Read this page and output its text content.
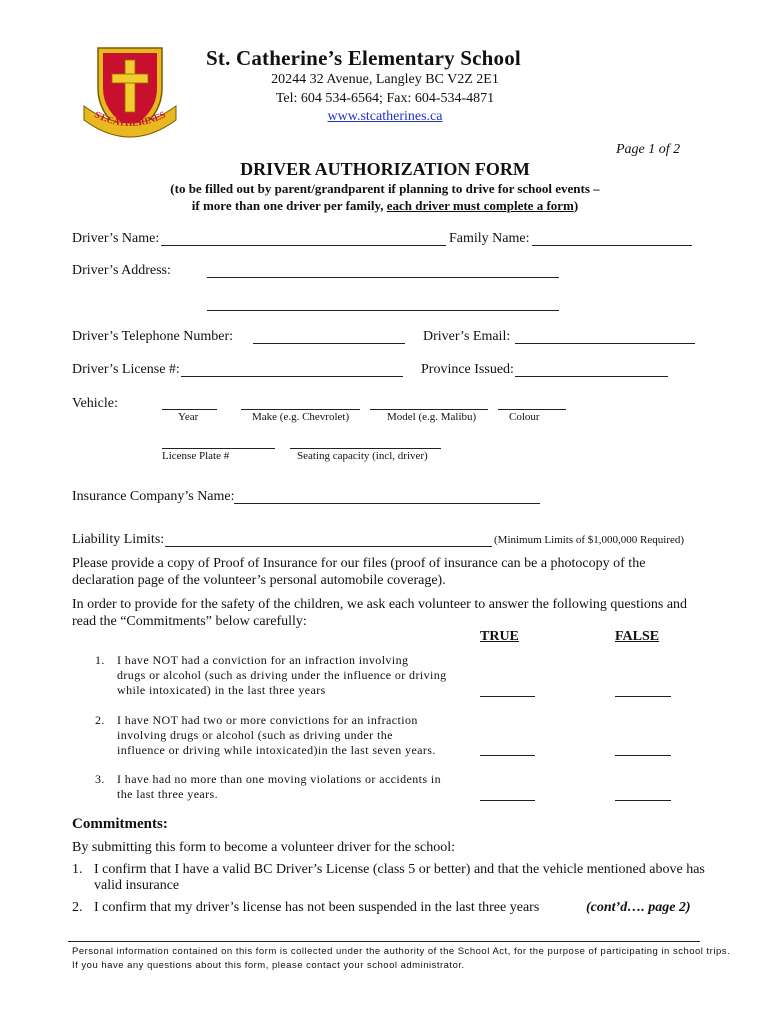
ST.CATHERINES
St. Catherine’s Elementary School
20244 32 Avenue, Langley BC V2Z 2E1
Tel: 604 534-6564; Fax: 604-534-4871
www.stcatherines.ca
Page 1 of 2
DRIVER AUTHORIZATION FORM
(to be filled out by parent/grandparent if planning to drive for school events –
if more than one driver per family, each driver must complete a form)
Driver’s Name:	Family Name:
Driver’s Address:
Driver’s Telephone Number:	Driver’s Email:
Driver’s License #:	Province Issued:
Vehicle:
Year	Make (e.g. Chevrolet)	Model (e.g. Malibu)	Colour
License Plate #	Seating capacity (incl, driver)
Insurance Company’s Name:
Liability Limits:	(Minimum Limits of $1,000,000 Required)
Please provide a copy of Proof of Insurance for our files (proof of insurance can be a photocopy of the declaration page of the volunteer’s personal automobile coverage).
In order to provide for the safety of the children, we ask each volunteer to answer the following questions and read the “Commitments” below carefully:
TRUE	FALSE
1. I have NOT had a conviction for an infraction involving
drugs or alcohol (such as driving under the influence or driving
while intoxicated) in the last three years
2. I have NOT had two or more convictions for an infraction
involving drugs or alcohol (such as driving under the
influence or driving while intoxicated)in the last seven years.
3. I have had no more than one moving violations or accidents in
the last three years.
Commitments:
By submitting this form to become a volunteer driver for the school:
1. I confirm that I have a valid BC Driver’s License (class 5 or better) and that the vehicle mentioned above has
valid insurance
2. I confirm that my driver’s license has not been suspended in the last three years	(cont’d…. page 2)
Personal information contained on this form is collected under the authority of the School Act, for the purpose of participating in school trips.
If you have any questions about this form, please contact your school administrator.
